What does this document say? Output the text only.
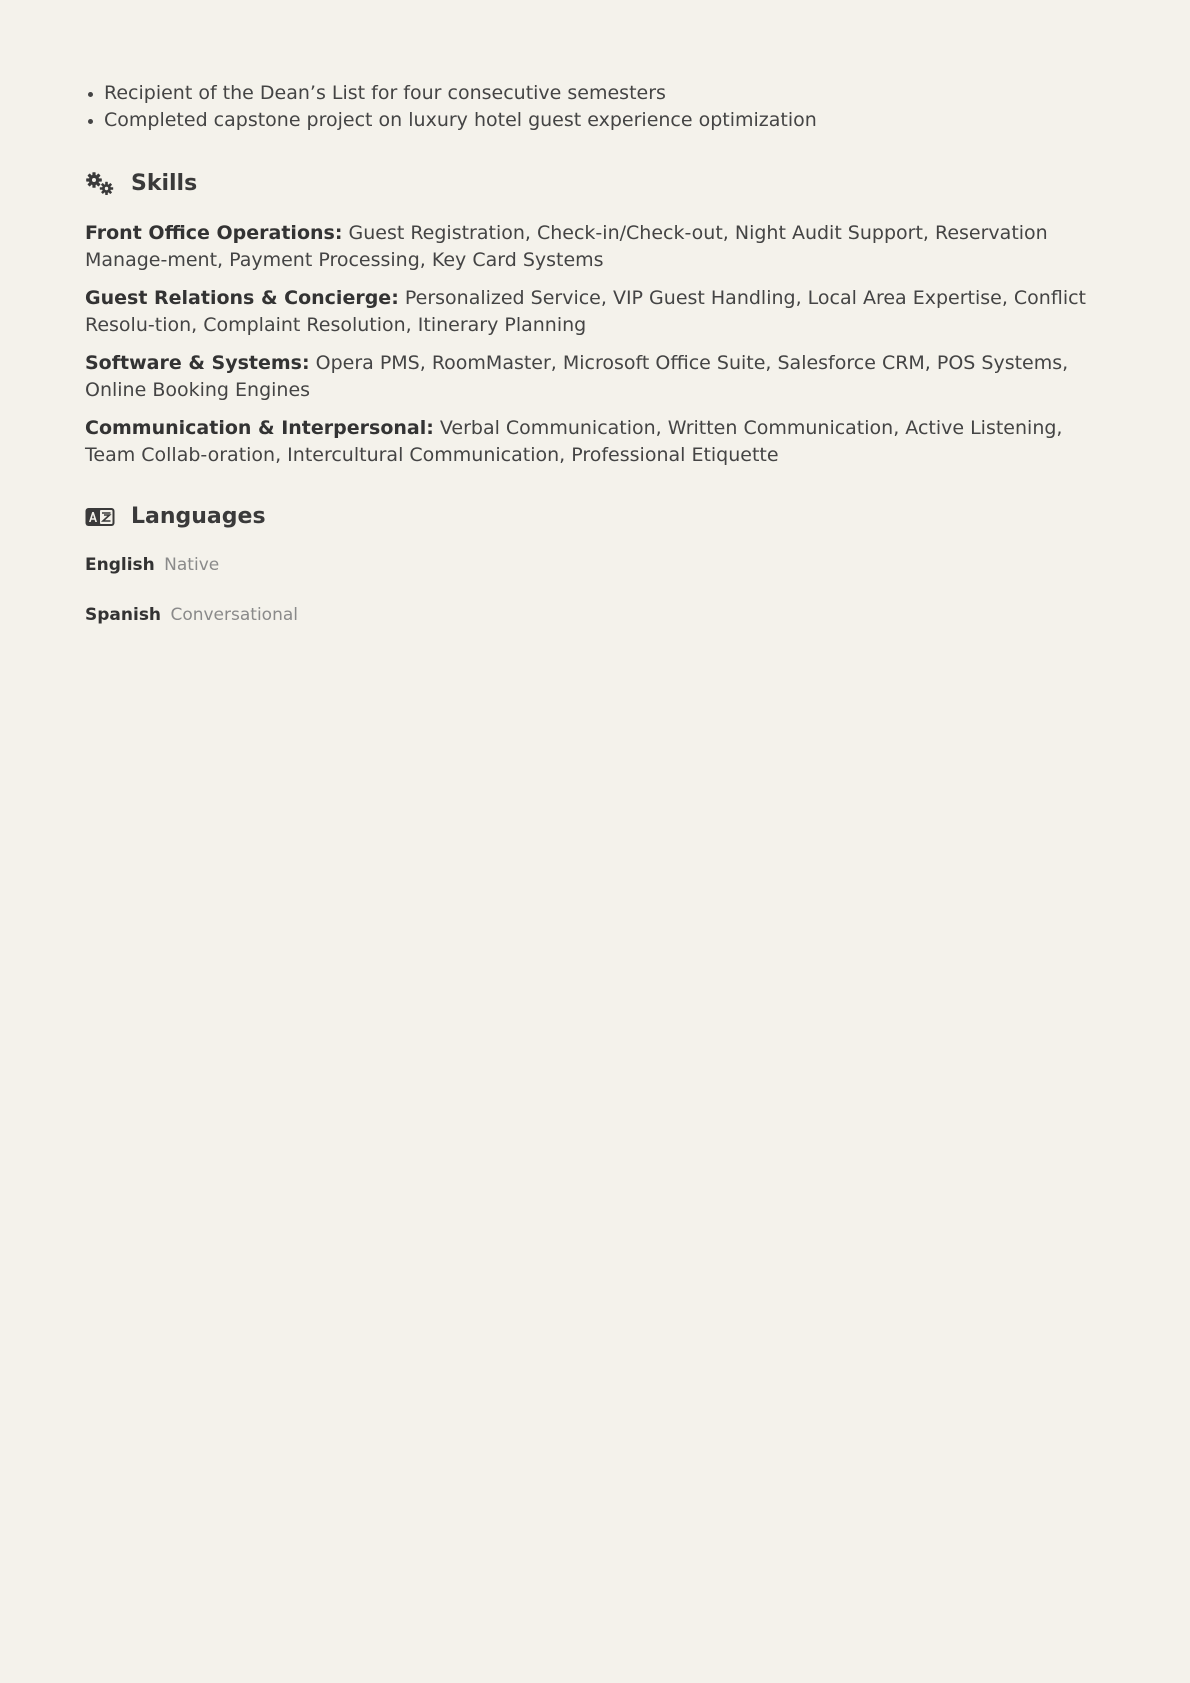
Recipient of the Dean’s List for four consecutive semesters
Completed capstone project on luxury hotel guest experience optimization
Skills
Front Office Operations: Guest Registration, Check-in/Check-out, Night Audit Support, Reservation Manage-ment, Payment Processing, Key Card Systems
Guest Relations & Concierge: Personalized Service, VIP Guest Handling, Local Area Expertise, Conflict Resolu-tion, Complaint Resolution, Itinerary Planning
Software & Systems: Opera PMS, RoomMaster, Microsoft Office Suite, Salesforce CRM, POS Systems, Online Booking Engines
Communication & Interpersonal: Verbal Communication, Written Communication, Active Listening, Team Collab-oration, Intercultural Communication, Professional Etiquette
Languages
English Native
Spanish Conversational
